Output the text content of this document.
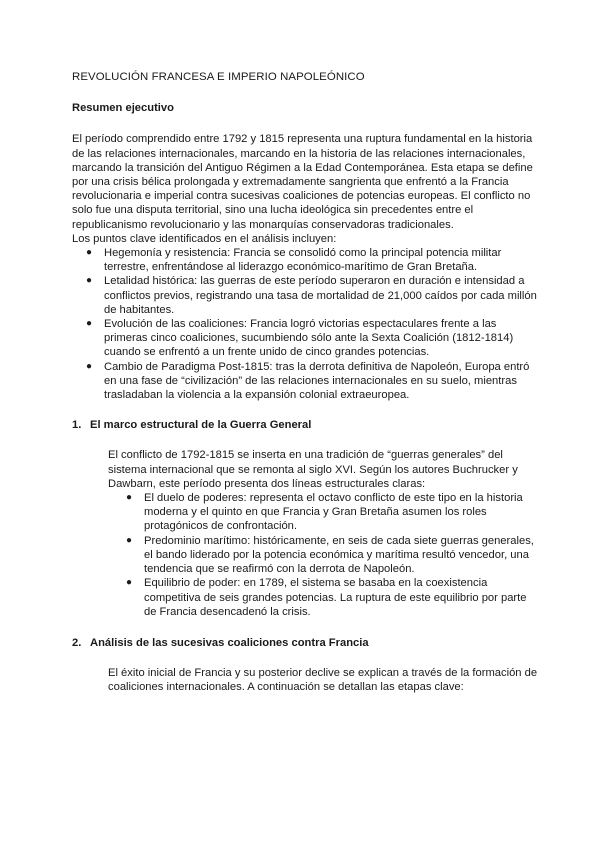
REVOLUCIÓN FRANCESA E IMPERIO NAPOLEÓNICO
Resumen ejecutivo

El período comprendido entre 1792 y 1815 representa una ruptura fundamental en la historia de las relaciones internacionales, marcando en la historia de las relaciones internacionales, marcando la transición del Antiguo Régimen a la Edad Contemporánea. Esta etapa se define por una crisis bélica prolongada y extremadamente sangrienta que enfrentó a la Francia revolucionaria e imperial contra sucesivas coaliciones de potencias europeas. El conflicto no solo fue una disputa territorial, sino una lucha ideológica sin precedentes entre el republicanismo revolucionario y las monarquías conservadoras tradicionales.

Los puntos clave identificados en el análisis incluyen:

● Hegemonía y resistencia: Francia se consolidó como la principal potencia militar terrestre, enfrentándose al liderazgo económico-marítimo de Gran Bretaña.
● Letalidad histórica: las guerras de este período superaron en duración e intensidad a conflictos previos, registrando una tasa de mortalidad de 21,000 caídos por cada millón de habitantes.
● Evolución de las coaliciones: Francia logró victorias espectaculares frente a las primeras cinco coaliciones, sucumbiendo sólo ante la Sexta Coalición (1812-1814) cuando se enfrentó a un frente unido de cinco grandes potencias.
● Cambio de Paradigma Post-1815: tras la derrota definitiva de Napoleón, Europa entró en una fase de “civilización” de las relaciones internacionales en su suelo, mientras trasladaban la violencia a la expansión colonial extraeuropea.
1. El marco estructural de la Guerra General

El conflicto de 1792-1815 se inserta en una tradición de “guerras generales” del sistema internacional que se remonta al siglo XVI. Según los autores Buchrucker y Dawbarn, este período presenta dos líneas estructurales claras:

● El duelo de poderes: representa el octavo conflicto de este tipo en la historia moderna y el quinto en que Francia y Gran Bretaña asumen los roles protagónicos de confrontación.
● Predominio marítimo: históricamente, en seis de cada siete guerras generales, el bando liderado por la potencia económica y marítima resultó vencedor, una tendencia que se reafirmó con la derrota de Napoleón.
● Equilibrio de poder: en 1789, el sistema se basaba en la coexistencia competitiva de seis grandes potencias. La ruptura de este equilibrio por parte de Francia desencadenó la crisis.
2. Análisis de las sucesivas coaliciones contra Francia

El éxito inicial de Francia y su posterior declive se explican a través de la formación de coaliciones internacionales. A continuación se detallan las etapas clave:
